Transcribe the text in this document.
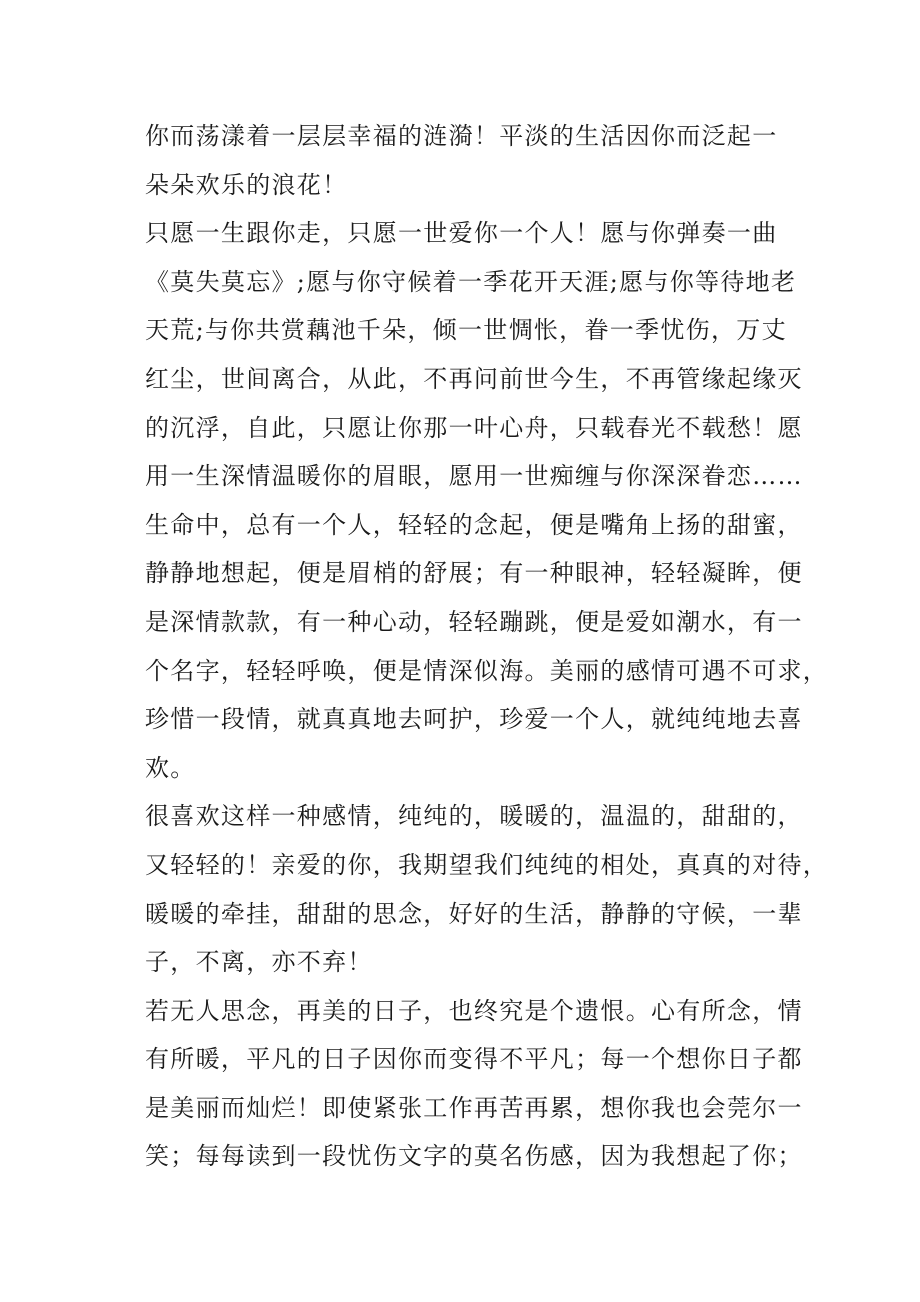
你而荡漾着一层层幸福的涟漪！平淡的生活因你而泛起一
朵朵欢乐的浪花！
只愿一生跟你走，只愿一世爱你一个人！愿与你弹奏一曲
《莫失莫忘》;愿与你守候着一季花开天涯;愿与你等待地老
天荒;与你共赏藕池千朵，倾一世惆怅，眷一季忧伤，万丈
红尘，世间离合，从此，不再问前世今生，不再管缘起缘灭
的沉浮，自此，只愿让你那一叶心舟，只载春光不载愁！愿
用一生深情温暖你的眉眼，愿用一世痴缠与你深深眷恋……
生命中，总有一个人，轻轻的念起，便是嘴角上扬的甜蜜，
静静地想起，便是眉梢的舒展；有一种眼神，轻轻凝眸，便
是深情款款，有一种心动，轻轻蹦跳，便是爱如潮水，有一
个名字，轻轻呼唤，便是情深似海。美丽的感情可遇不可求，
珍惜一段情，就真真地去呵护，珍爱一个人，就纯纯地去喜
欢。
很喜欢这样一种感情，纯纯的，暖暖的，温温的，甜甜的，
又轻轻的！亲爱的你，我期望我们纯纯的相处，真真的对待，
暖暖的牵挂，甜甜的思念，好好的生活，静静的守候，一辈
子，不离，亦不弃！
若无人思念，再美的日子，也终究是个遗恨。心有所念，情
有所暖，平凡的日子因你而变得不平凡；每一个想你日子都
是美丽而灿烂！即使紧张工作再苦再累，想你我也会莞尔一
笑；每每读到一段忧伤文字的莫名伤感，因为我想起了你；
